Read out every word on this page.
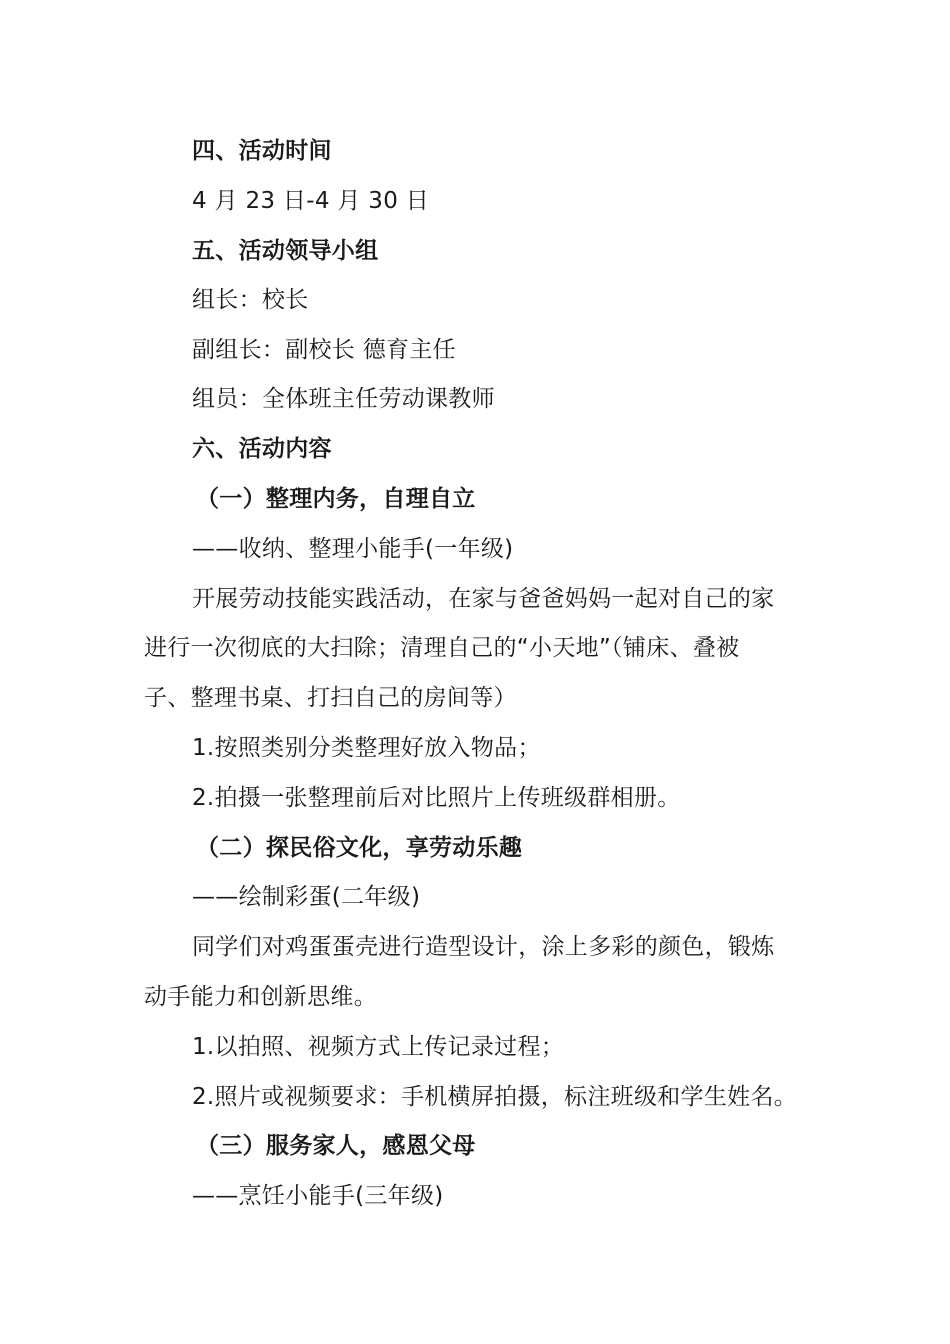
四、活动时间
4 月 23 日-4 月 30 日
五、活动领导小组
组长：校长
副组长：副校长 德育主任
组员：全体班主任劳动课教师
六、活动内容
（一）整理内务，自理自立
——收纳、整理小能手(一年级)
开展劳动技能实践活动，在家与爸爸妈妈一起对自己的家
进行一次彻底的大扫除；清理自己的“小天地”（铺床、叠被
子、整理书桌、打扫自己的房间等）
1.按照类别分类整理好放入物品；
2.拍摄一张整理前后对比照片上传班级群相册。
（二）探民俗文化，享劳动乐趣
——绘制彩蛋(二年级)
同学们对鸡蛋蛋壳进行造型设计，涂上多彩的颜色，锻炼
动手能力和创新思维。
1.以拍照、视频方式上传记录过程；
2.照片或视频要求：手机横屏拍摄，标注班级和学生姓名。
（三）服务家人，感恩父母
——烹饪小能手(三年级)
